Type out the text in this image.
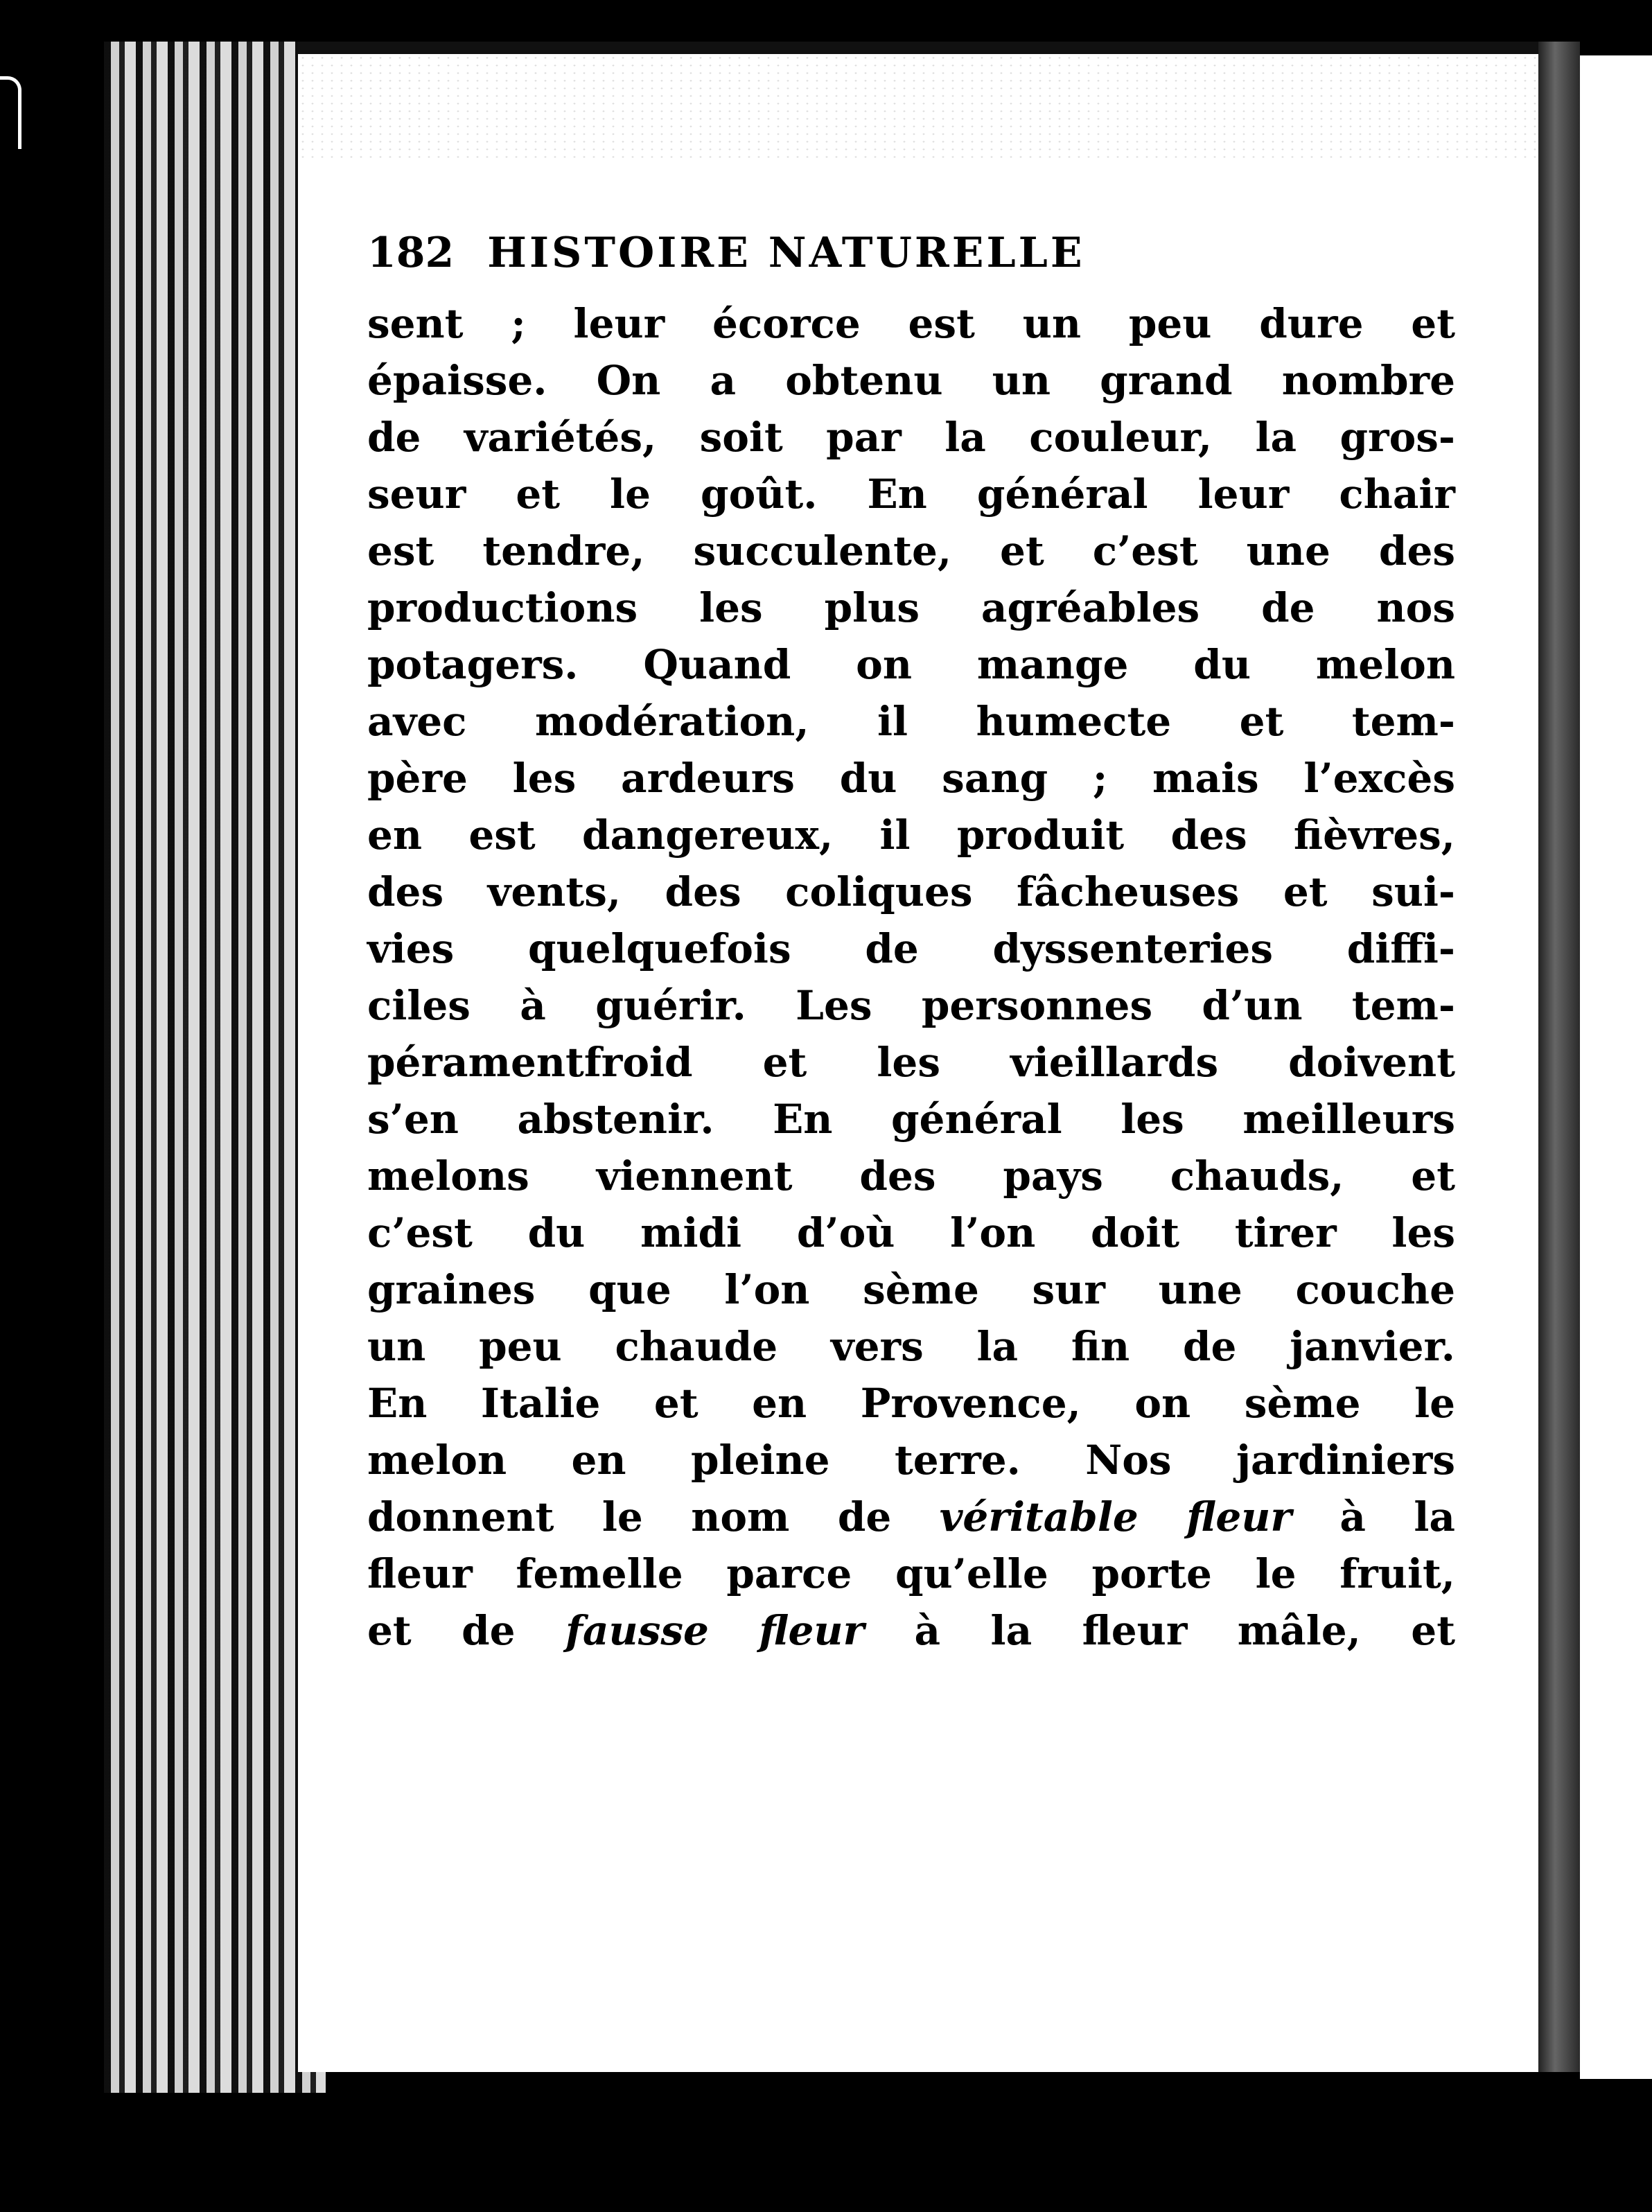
182 HISTOIRE NATURELLE
sent ; leur écorce est un peu dure et
épaisse. On a obtenu un grand nombre
de variétés, soit par la couleur, la gros-
seur et le goût. En général leur chair
est tendre, succulente, et c’est une des
productions les plus agréables de nos
potagers. Quand on mange du melon
avec modération, il humecte et tem-
père les ardeurs du sang ; mais l’excès
en est dangereux, il produit des fièvres,
des vents, des coliques fâcheuses et sui-
vies quelquefois de dyssenteries diffi-
ciles à guérir. Les personnes d’un tem-
péramentfroid et les vieillards doivent
s’en abstenir. En général les meilleurs
melons viennent des pays chauds, et
c’est du midi d’où l’on doit tirer les
graines que l’on sème sur une couche
un peu chaude vers la fin de janvier.
En Italie et en Provence, on sème le
melon en pleine terre. Nos jardiniers
donnent le nom de véritable fleur à la
fleur femelle parce qu’elle porte le fruit,
et de fausse fleur à la fleur mâle, et
